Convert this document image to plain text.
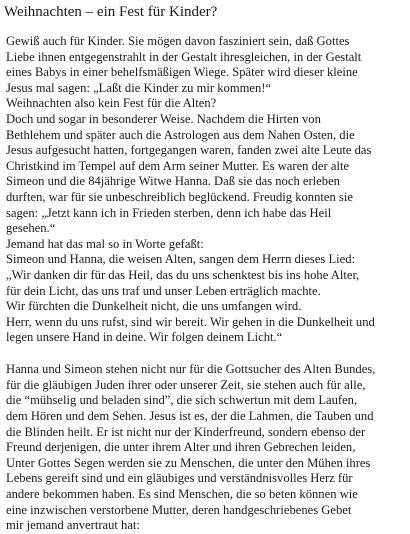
Weihnachten – ein Fest für Kinder?
Gewiß auch für Kinder. Sie mögen davon fasziniert sein, daß Gottes
Liebe ihnen entgegenstrahlt in der Gestalt ihresgleichen, in der Gestalt
eines Babys in einer behelfsmäßigen Wiege. Später wird dieser kleine
Jesus mal sagen: „Laßt die Kinder zu mir kommen!“
Weihnachten also kein Fest für die Alten?
Doch und sogar in besonderer Weise. Nachdem die Hirten von
Bethlehem und später auch die Astrologen aus dem Nahen Osten, die
Jesus aufgesucht hatten, fortgegangen waren, fanden zwei alte Leute das
Christkind im Tempel auf dem Arm seiner Mutter. Es waren der alte
Simeon und die 84jährige Witwe Hanna. Daß sie das noch erleben
durften, war für sie unbeschreiblich beglückend. Freudig konnten sie
sagen: „Jetzt kann ich in Frieden sterben, denn ich habe das Heil
gesehen.“
Jemand hat das mal so in Worte gefaßt:
Simeon und Hanna, die weisen Alten, sangen dem Herrn dieses Lied:
„Wir danken dir für das Heil, das du uns schenktest bis ins hohe Alter,
für dein Licht, das uns traf und unser Leben erträglich machte.
Wir fürchten die Dunkelheit nicht, die uns umfangen wird.
Herr, wenn du uns rufst, sind wir bereit. Wir gehen in die Dunkelheit und
legen unsere Hand in deine. Wir folgen deinem Licht.“
Hanna und Simeon stehen nicht nur für die Gottsucher des Alten Bundes,
für die gläubigen Juden ihrer oder unserer Zeit, sie stehen auch für alle,
die “mühselig und beladen sind”, die sich schwertun mit dem Laufen,
dem Hören und dem Sehen. Jesus ist es, der die Lahmen, die Tauben und
die Blinden heilt. Er ist nicht nur der Kinderfreund, sondern ebenso der
Freund derjenigen, die unter ihrem Alter und ihren Gebrechen leiden,
Unter Gottes Segen werden sie zu Menschen, die unter den Mühen ihres
Lebens gereift sind und ein gläubiges und verständnisvolles Herz für
andere bekommen haben. Es sind Menschen, die so beten können wie
eine inzwischen verstorbene Mutter, deren handgeschriebenes Gebet
mir jemand anvertraut hat:
